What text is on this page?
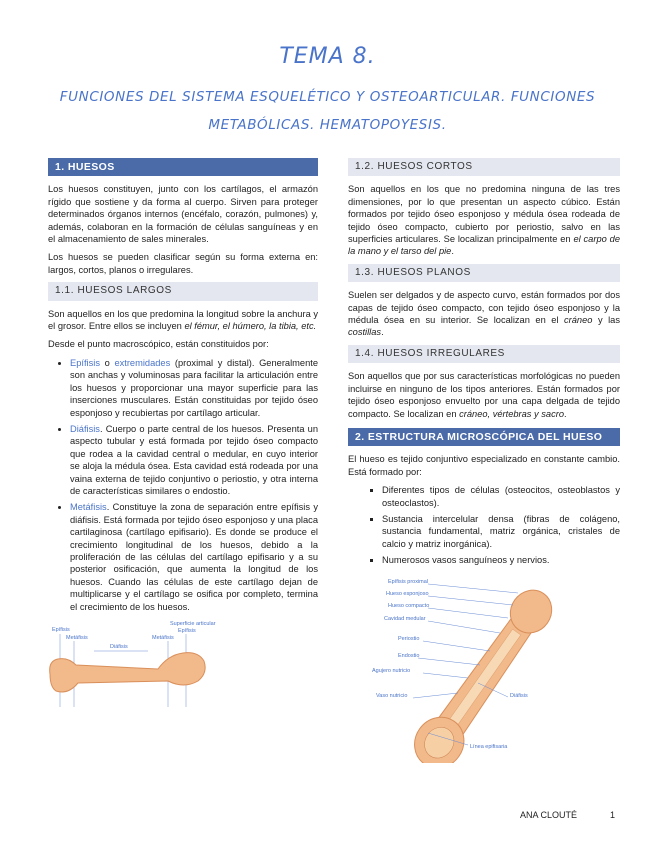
TEMA 8.
FUNCIONES DEL SISTEMA ESQUELÉTICO Y OSTEOARTICULAR. FUNCIONES METABÓLICAS. HEMATOPOYESIS.
1. HUESOS

Los huesos constituyen, junto con los cartílagos, el armazón rígido que sostiene y da forma al cuerpo. Sirven para proteger determinados órganos internos (encéfalo, corazón, pulmones) y, además, colaboran en la formación de células sanguíneas y en el almacenamiento de sales minerales.

Los huesos se pueden clasificar según su forma externa en: largos, cortos, planos o irregulares.

1.1. HUESOS LARGOS

Son aquellos en los que predomina la longitud sobre la anchura y el grosor. Entre ellos se incluyen el fémur, el húmero, la tibia, etc.

Desde el punto macroscópico, están constituidos por:

• Epífisis o extremidades (proximal y distal). Generalmente son anchas y voluminosas para facilitar la articulación entre los huesos y proporcionar una mayor superficie para las inserciones musculares. Están constituidas por tejido óseo esponjoso y recubiertas por cartílago articular.
• Diáfisis. Cuerpo o parte central de los huesos. Presenta un aspecto tubular y está formada por tejido óseo compacto que rodea a la cavidad central o medular, en cuyo interior se aloja la médula ósea. Esta cavidad está rodeada por una vaina externa de tejido conjuntivo o periostio, y otra interna de características similares o endostio.
• Metáfisis. Constituye la zona de separación entre epífisis y diáfisis. Está formada por tejido óseo esponjoso y una placa cartilaginosa (cartílago epifisario). Es donde se produce el crecimiento longitudinal de los huesos, debido a la proliferación de las células del cartílago epifisario y a su posterior osificación, que aumenta la longitud de los huesos. Cuando las células de este cartílago dejan de multiplicarse y el cartílago se osifica por completo, termina el crecimiento de los huesos.
Epífisis
Metáfisis
Diáfisis
Metáfisis
Superficie articular
Epífisis
1.2. HUESOS CORTOS

Son aquellos en los que no predomina ninguna de las tres dimensiones, por lo que presentan un aspecto cúbico. Están formados por tejido óseo esponjoso y médula ósea rodeada de tejido óseo compacto, cubierto por periostio, salvo en las superficies articulares. Se localizan principalmente en el carpo de la mano y el tarso del pie.

1.3. HUESOS PLANOS

Suelen ser delgados y de aspecto curvo, están formados por dos capas de tejido óseo compacto, con tejido óseo esponjoso y la médula ósea en su interior. Se localizan en el cráneo y las costillas.

1.4. HUESOS IRREGULARES

Son aquellos que por sus características morfológicas no pueden incluirse en ninguno de los tipos anteriores. Están formados por tejido óseo esponjoso envuelto por una capa delgada de tejido compacto. Se localizan en cráneo, vértebras y sacro.

2. ESTRUCTURA MICROSCÓPICA DEL HUESO

El hueso es tejido conjuntivo especializado en constante cambio. Está formado por:

▪ Diferentes tipos de células (osteocitos, osteoblastos y osteoclastos).
▪ Sustancia intercelular densa (fibras de colágeno, sustancia fundamental, matriz orgánica, cristales de calcio y matriz inorgánica).
▪ Numerosos vasos sanguíneos y nervios.
Epífisis proximal
Hueso esponjoso
Hueso compacto
Cavidad medular
Periostio
Endostio
Agujero nutricio
Vaso nutricio	Diáfisis
Línea epifisaria
ANA CLOUTÉ	1
